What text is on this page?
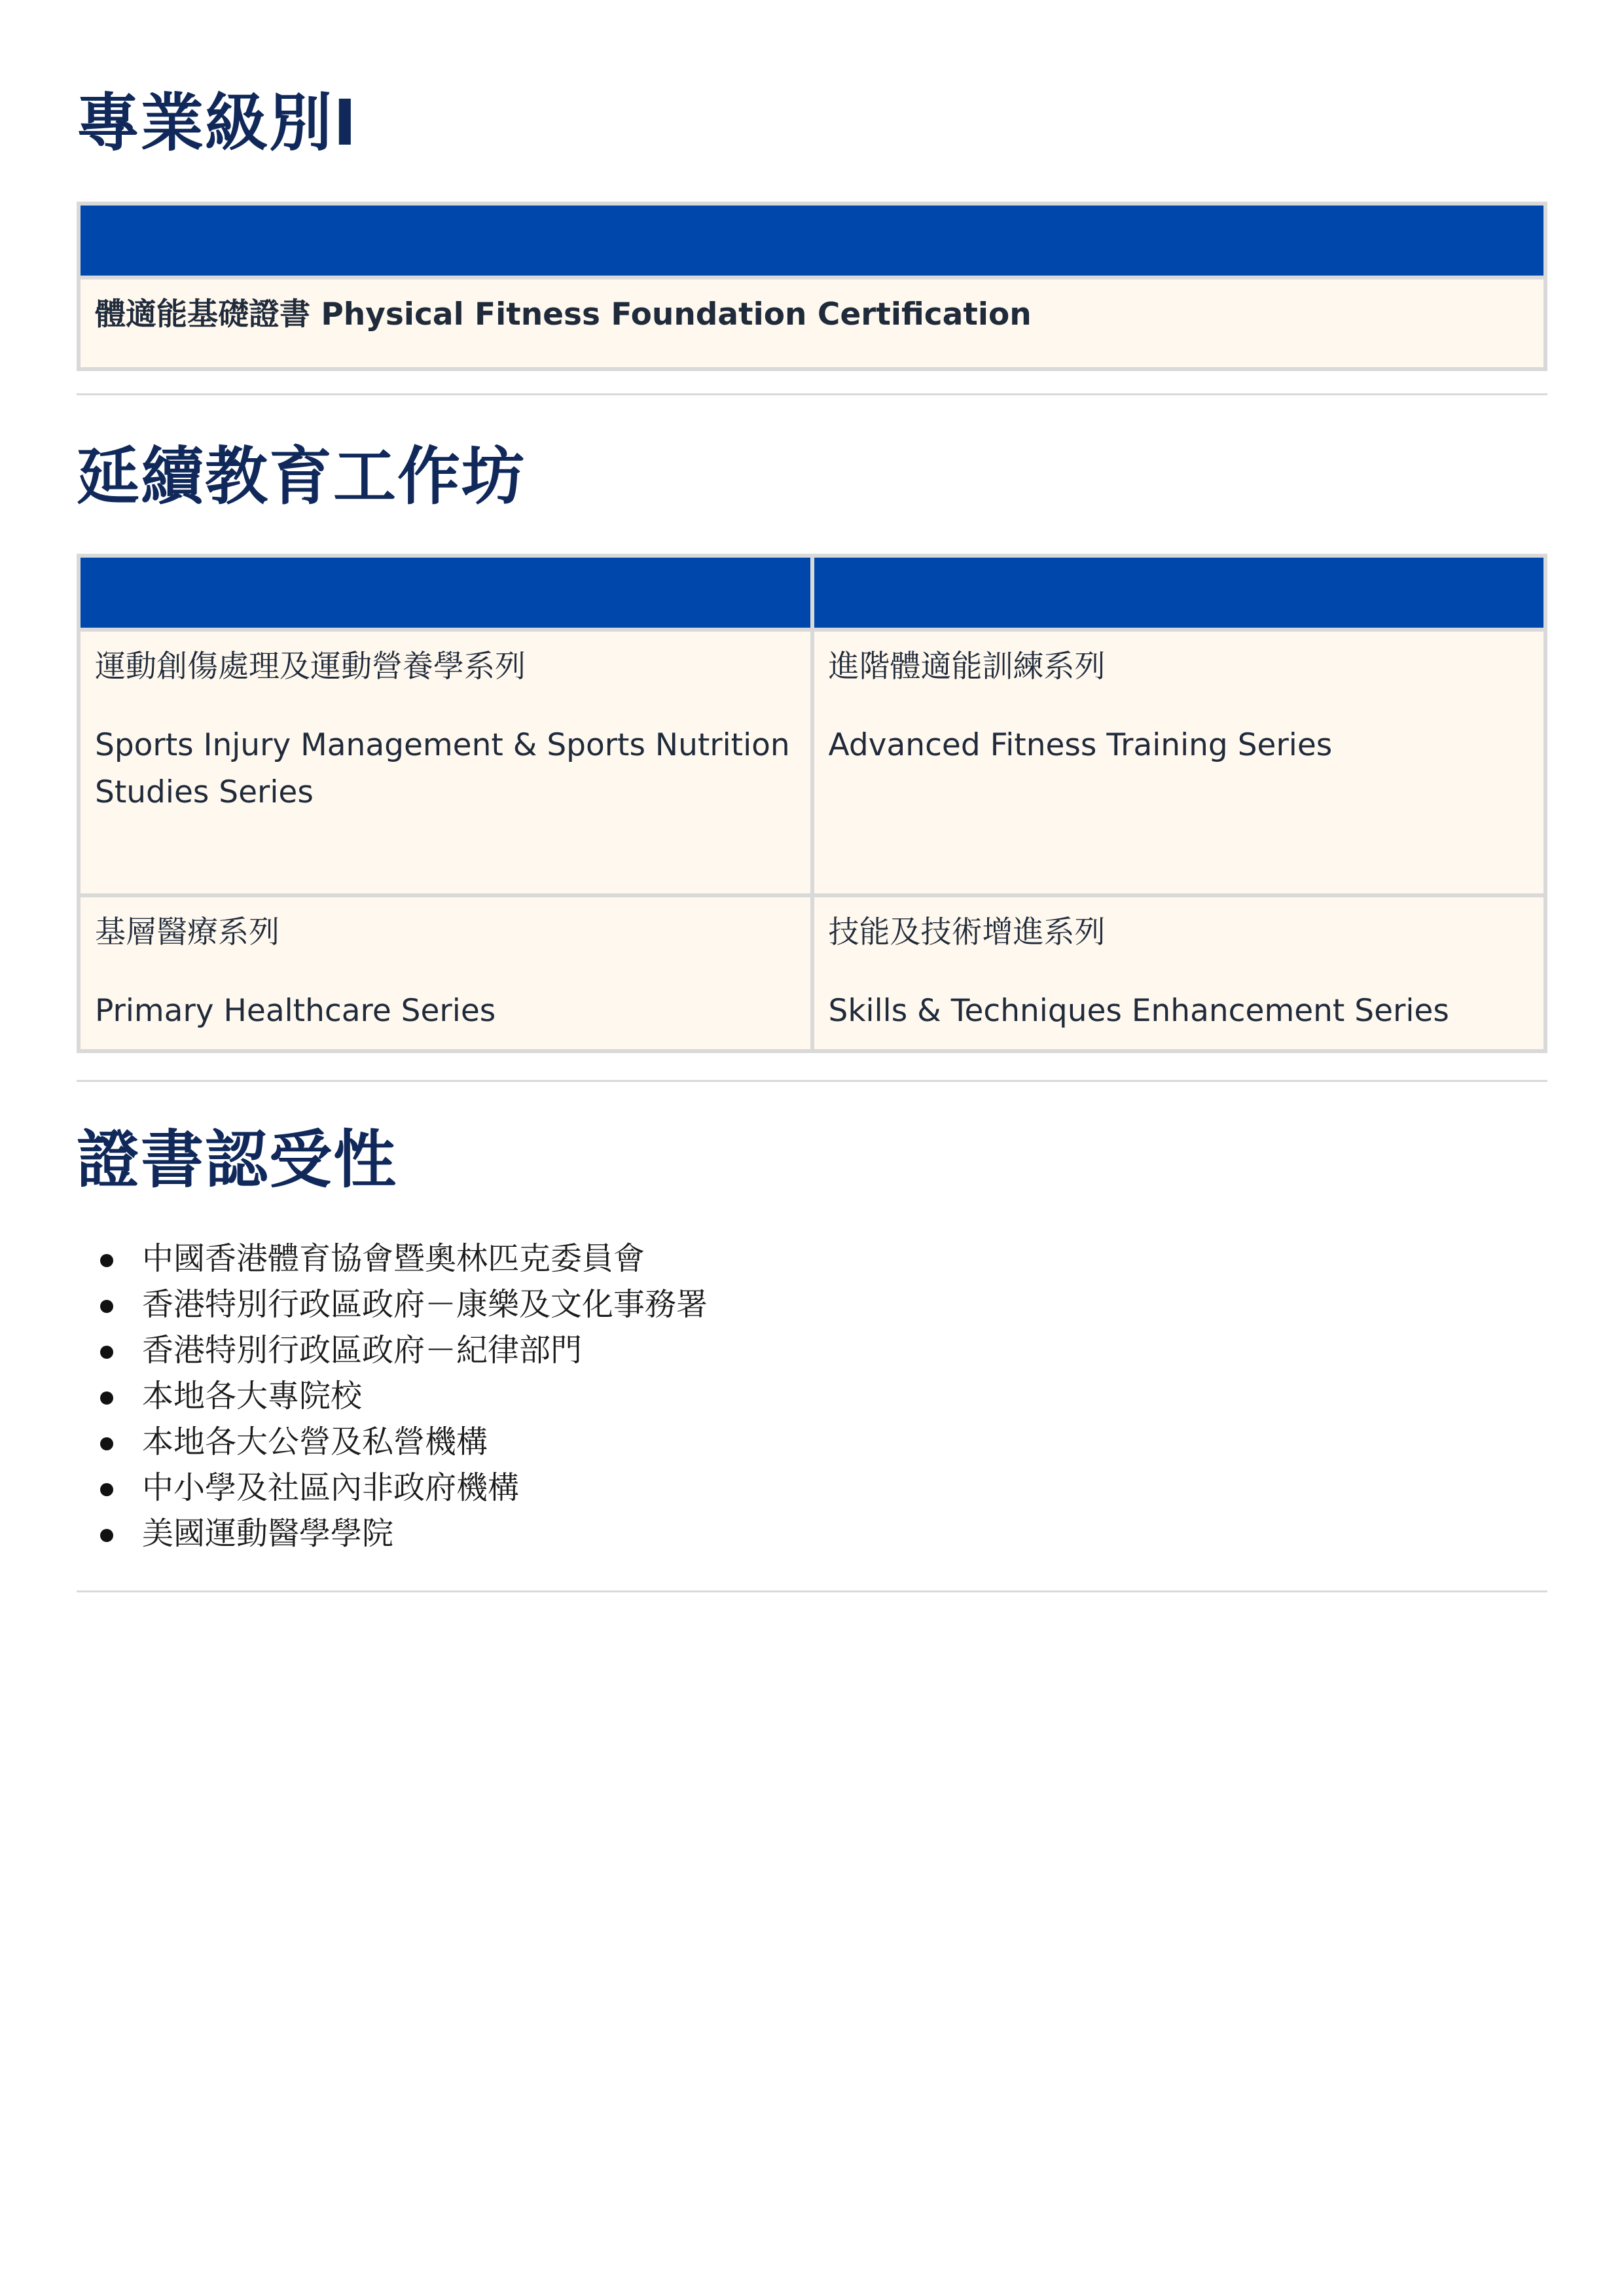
專業級別I

體適能基礎證書 Physical Fitness Foundation Certification
延續教育工作坊

運動創傷處理及運動營養學系列
Sports Injury Management & Sports Nutrition Studies Series	進階體適能訓練系列
Advanced Fitness Training Series

基層醫療系列
Primary Healthcare Series	技能及技術增進系列
Skills & Techniques Enhancement Series
證書認受性
中國香港體育協會暨奧林匹克委員會
香港特別行政區政府－康樂及文化事務署
香港特別行政區政府－紀律部門
本地各大專院校
本地各大公營及私營機構
中小學及社區內非政府機構
美國運動醫學學院
